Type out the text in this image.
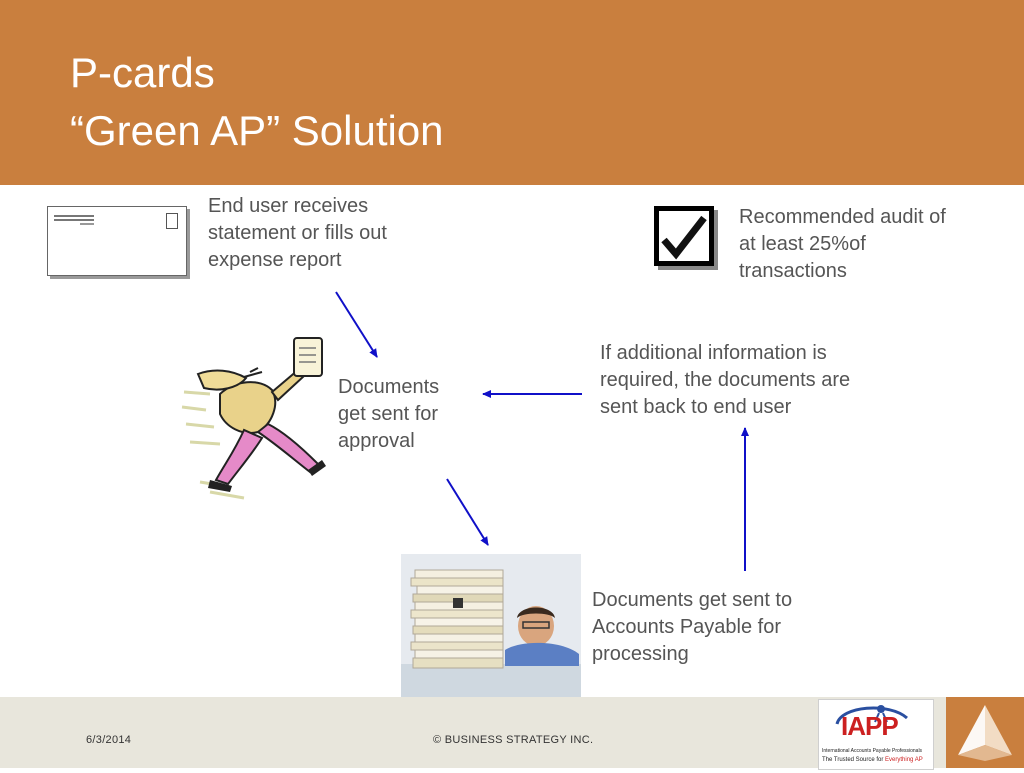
P-cards
“Green AP” Solution
End user receives
statement or fills out
expense report
Recommended audit of
at least 25%of
transactions
If additional information is
required, the documents are
sent back to end user
Documents
get sent for
approval
Documents get sent to
Accounts Payable for
processing
6/3/2014	© BUSINESS STRATEGY INC.	IAPP
International Accounts Payable Professionals
The Trusted Source for Everything AP
